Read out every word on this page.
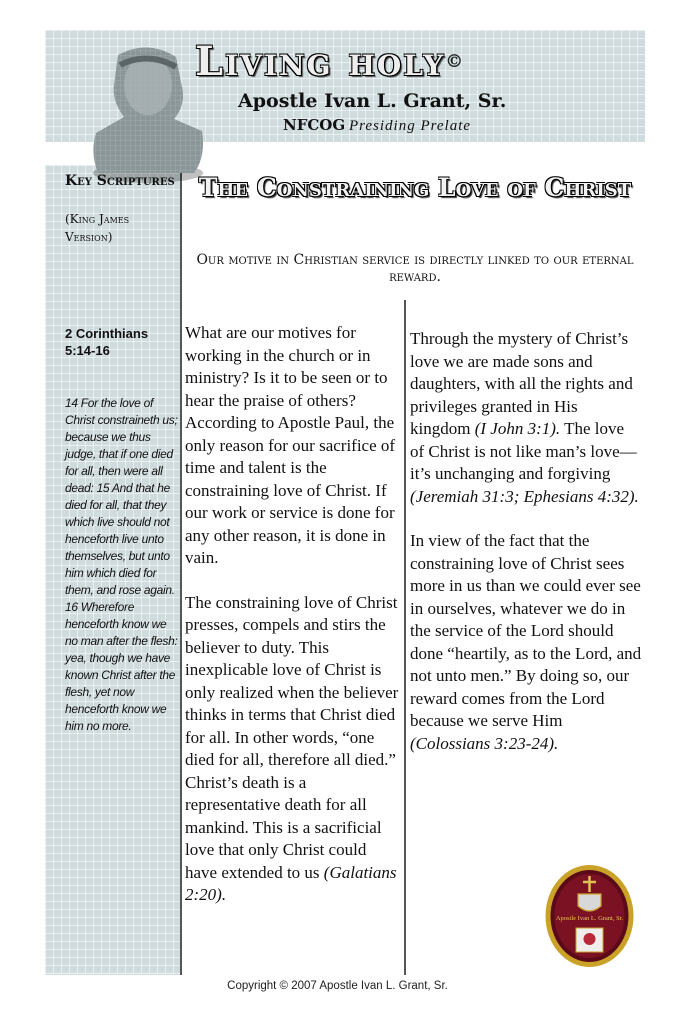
Living holy©
Apostle Ivan L. Grant, Sr.
NFCOG Presiding Prelate
Key Scriptures
(King James Version)
2 Corinthians 5:14-16
14 For the love of Christ constraineth us; because we thus judge, that if one died for all, then were all dead: 15 And that he died for all, that they which live should not henceforth live unto themselves, but unto him which died for them, and rose again.
16 Wherefore henceforth know we no man after the flesh: yea, though we have known Christ after the flesh, yet now henceforth know we him no more.
The Constraining Love of Christ
Our motive in Christian service is directly linked to our eternal reward.

What are our motives for working in the church or in ministry? Is it to be seen or to hear the praise of others? According to Apostle Paul, the only reason for our sacrifice of time and talent is the constraining love of Christ. If our work or service is done for any other reason, it is done in vain.

The constraining love of Christ presses, compels and stirs the believer to duty. This inexplicable love of Christ is only realized when the believer thinks in terms that Christ died for all. In other words, “one died for all, therefore all died.” Christ’s death is a representative death for all mankind. This is a sacrificial love that only Christ could have extended to us (Galatians 2:20).

Through the mystery of Christ’s love we are made sons and daughters, with all the rights and privileges granted in His kingdom (I John 3:1). The love of Christ is not like man’s love—it’s unchanging and forgiving (Jeremiah 31:3; Ephesians 4:32).

In view of the fact that the constraining love of Christ sees more in us than we could ever see in ourselves, whatever we do in the service of the Lord should done “heartily, as to the Lord, and not unto men.” By doing so, our reward comes from the Lord because we serve Him (Colossians 3:23-24).

Apostle Ivan L. Grant, Sr.
Copyright © 2007 Apostle Ivan L. Grant, Sr.
